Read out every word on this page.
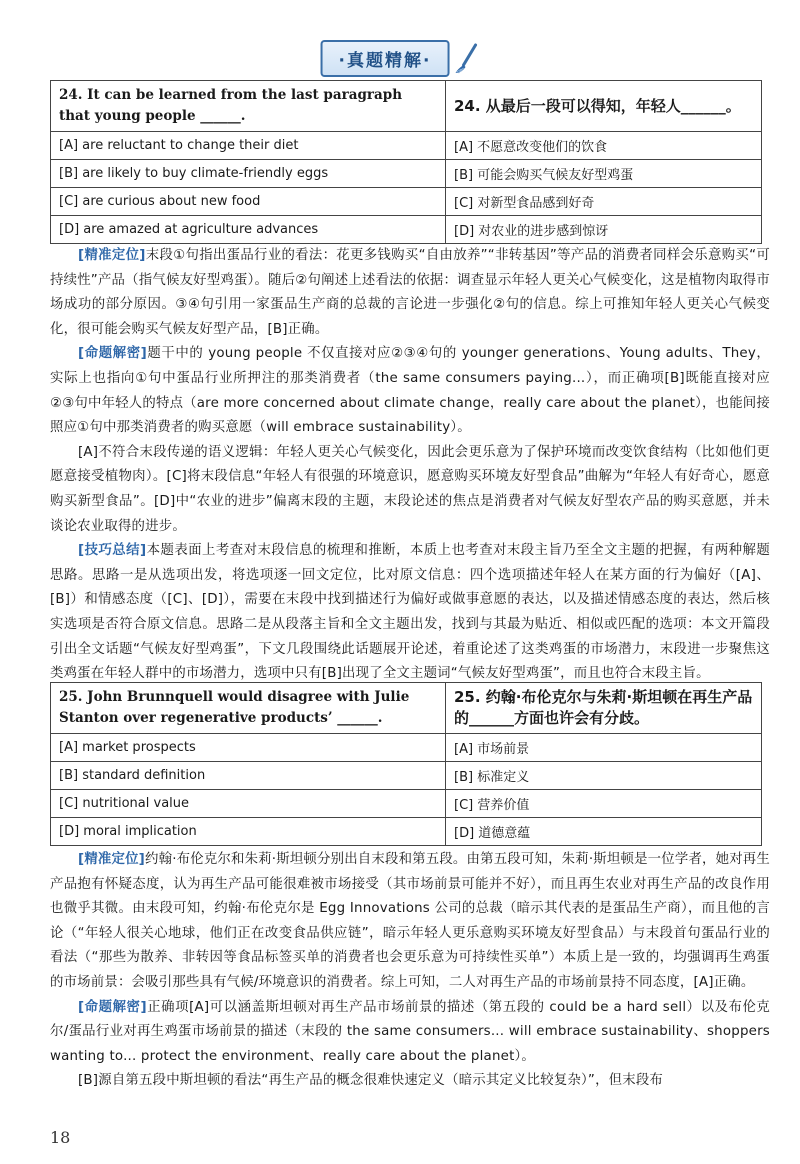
·真题精解·
24. It can be learned from the last paragraph that young people ______.	24. 从最后一段可以得知，年轻人______。
[A] are reluctant to change their diet	[A] 不愿意改变他们的饮食
[B] are likely to buy climate-friendly eggs	[B] 可能会购买气候友好型鸡蛋
[C] are curious about new food	[C] 对新型食品感到好奇
[D] are amazed at agriculture advances	[D] 对农业的进步感到惊讶

[精准定位]末段①句指出蛋品行业的看法：花更多钱购买“自由放养”“非转基因”等产品的消费者同样会乐意购买“可持续性”产品（指气候友好型鸡蛋）。随后②句阐述上述看法的依据：调查显示年轻人更关心气候变化，这是植物肉取得市场成功的部分原因。③④句引用一家蛋品生产商的总裁的言论进一步强化②句的信息。综上可推知年轻人更关心气候变化，很可能会购买气候友好型产品，[B]正确。

[命题解密]题干中的 young people 不仅直接对应②③④句的 younger generations、Young adults、They，实际上也指向①句中蛋品行业所押注的那类消费者（the same consumers paying...），而正确项[B]既能直接对应②③句中年轻人的特点（are more concerned about climate change，really care about the planet），也能间接照应①句中那类消费者的购买意愿（will embrace sustainability）。

[A]不符合末段传递的语义逻辑：年轻人更关心气候变化，因此会更乐意为了保护环境而改变饮食结构（比如他们更愿意接受植物肉）。[C]将末段信息“年轻人有很强的环境意识，愿意购买环境友好型食品”曲解为“年轻人有好奇心，愿意购买新型食品”。[D]中“农业的进步”偏离末段的主题，末段论述的焦点是消费者对气候友好型农产品的购买意愿，并未谈论农业取得的进步。

[技巧总结]本题表面上考查对末段信息的梳理和推断，本质上也考查对末段主旨乃至全文主题的把握，有两种解题思路。思路一是从选项出发，将选项逐一回文定位，比对原文信息：四个选项描述年轻人在某方面的行为偏好（[A]、[B]）和情感态度（[C]、[D]），需要在末段中找到描述行为偏好或做事意愿的表达，以及描述情感态度的表达，然后核实选项是否符合原文信息。思路二是从段落主旨和全文主题出发，找到与其最为贴近、相似或匹配的选项：本文开篇段引出全文话题“气候友好型鸡蛋”，下文几段围绕此话题展开论述，着重论述了这类鸡蛋的市场潜力，末段进一步聚焦这类鸡蛋在年轻人群中的市场潜力，选项中只有[B]出现了全文主题词“气候友好型鸡蛋”，而且也符合末段主旨。

25. John Brunnquell would disagree with Julie Stanton over regenerative products’ ______.	25. 约翰·布伦克尔与朱莉·斯坦顿在再生产品的______方面也许会有分歧。
[A] market prospects	[A] 市场前景
[B] standard definition	[B] 标准定义
[C] nutritional value	[C] 营养价值
[D] moral implication	[D] 道德意蕴

[精准定位]约翰·布伦克尔和朱莉·斯坦顿分别出自末段和第五段。由第五段可知，朱莉·斯坦顿是一位学者，她对再生产品抱有怀疑态度，认为再生产品可能很难被市场接受（其市场前景可能并不好），而且再生农业对再生产品的改良作用也微乎其微。由末段可知，约翰·布伦克尔是 Egg Innovations 公司的总裁（暗示其代表的是蛋品生产商），而且他的言论（“年轻人很关心地球，他们正在改变食品供应链”，暗示年轻人更乐意购买环境友好型食品）与末段首句蛋品行业的看法（“那些为散养、非转因等食品标签买单的消费者也会更乐意为可持续性买单”）本质上是一致的，均强调再生鸡蛋的市场前景：会吸引那些具有气候/环境意识的消费者。综上可知，二人对再生产品的市场前景持不同态度，[A]正确。

[命题解密]正确项[A]可以涵盖斯坦顿对再生产品市场前景的描述（第五段的 could be a hard sell）以及布伦克尔/蛋品行业对再生鸡蛋市场前景的描述（末段的 the same consumers... will embrace sustainability、shoppers wanting to... protect the environment、really care about the planet）。

[B]源自第五段中斯坦顿的看法“再生产品的概念很难快速定义（暗示其定义比较复杂）”，但末段布

18
